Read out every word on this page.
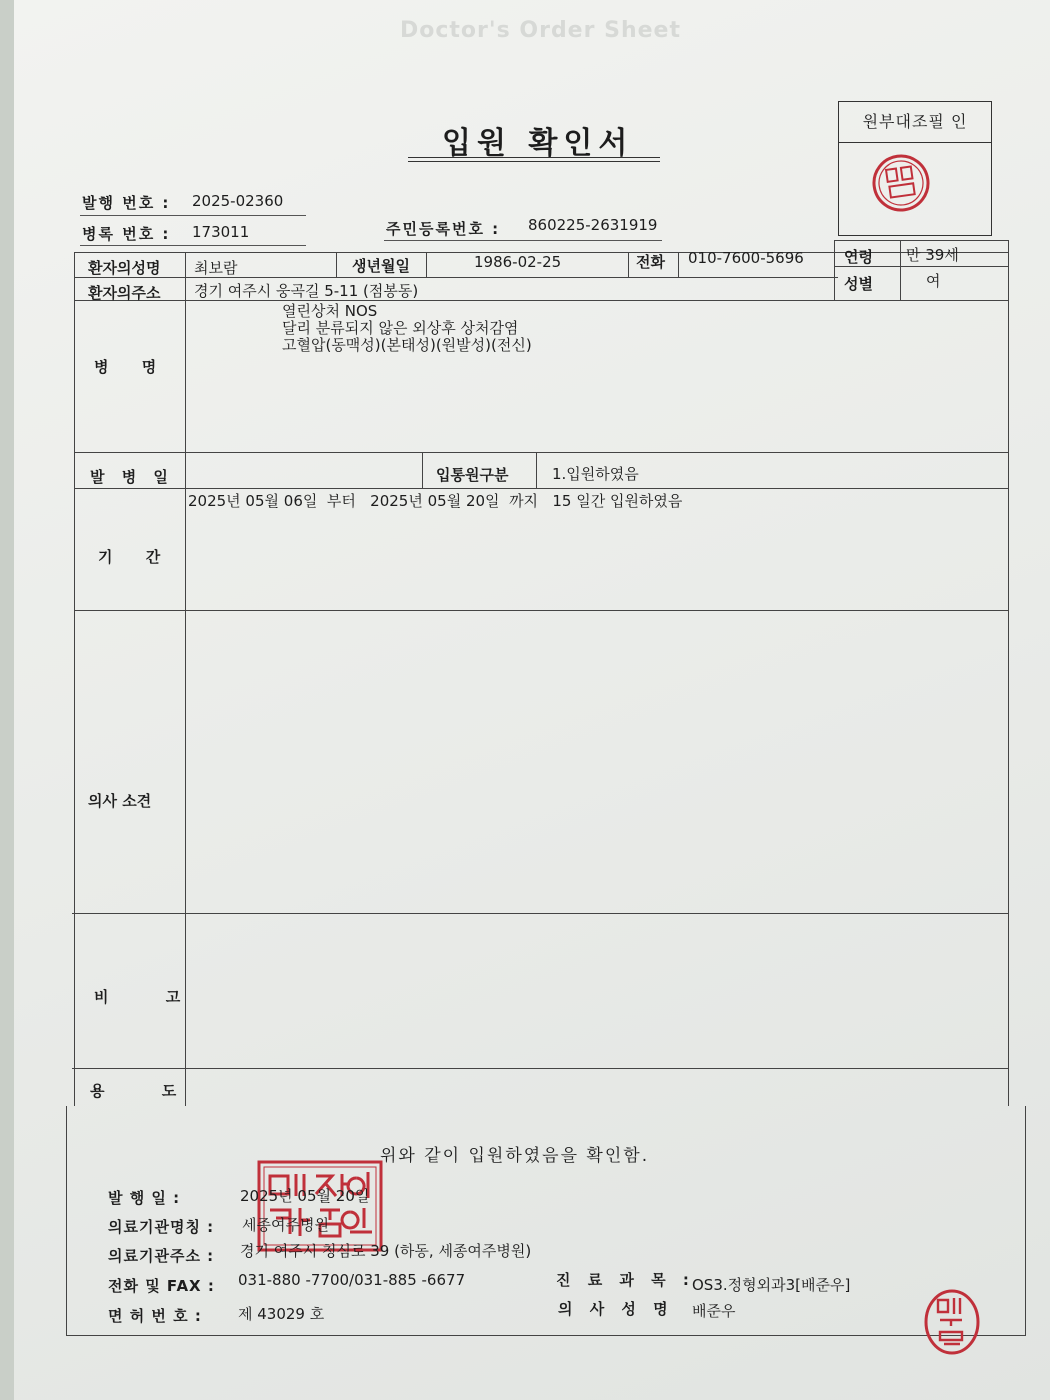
Doctor's Order Sheet
입원 확인서
원부대조필 인
발행 번호 : 2025-02360
병록 번호 : 173011	주민등록번호 : 860225-2631919
환자의성명 최보람	생년월일	1986-02-25	전화 010-7600-5696	연령 만 39세
환자의주소 경기 여주시 웅곡길 5-11 (점봉동)	성별	여
병 명
열린상처 NOS
달리 분류되지 않은 외상후 상처감염
고혈압(동맥성)(본태성)(원발성)(전신)
발 병 일	입통원구분	1.입원하였음
기 간
2025년 05월 06일  부터   2025년 05월 20일  까지   15 일간 입원하였음
의사 소견
비 고
용 도
위와 같이 입원하였음을 확인함.
발 행 일 :	2025년 05월 20일
의료기관명칭 : 세종여주병원
의료기관주소 : 경기 여주시 청심로 39 (하동, 세종여주병원)
전화 및 FAX : 031-880 -7700/031-885 -6677
면 허 번 호 : 제 43029 호
진 료 과 목 :
OS3.정형외과3[배준우]
의 사 성 명 배준우
